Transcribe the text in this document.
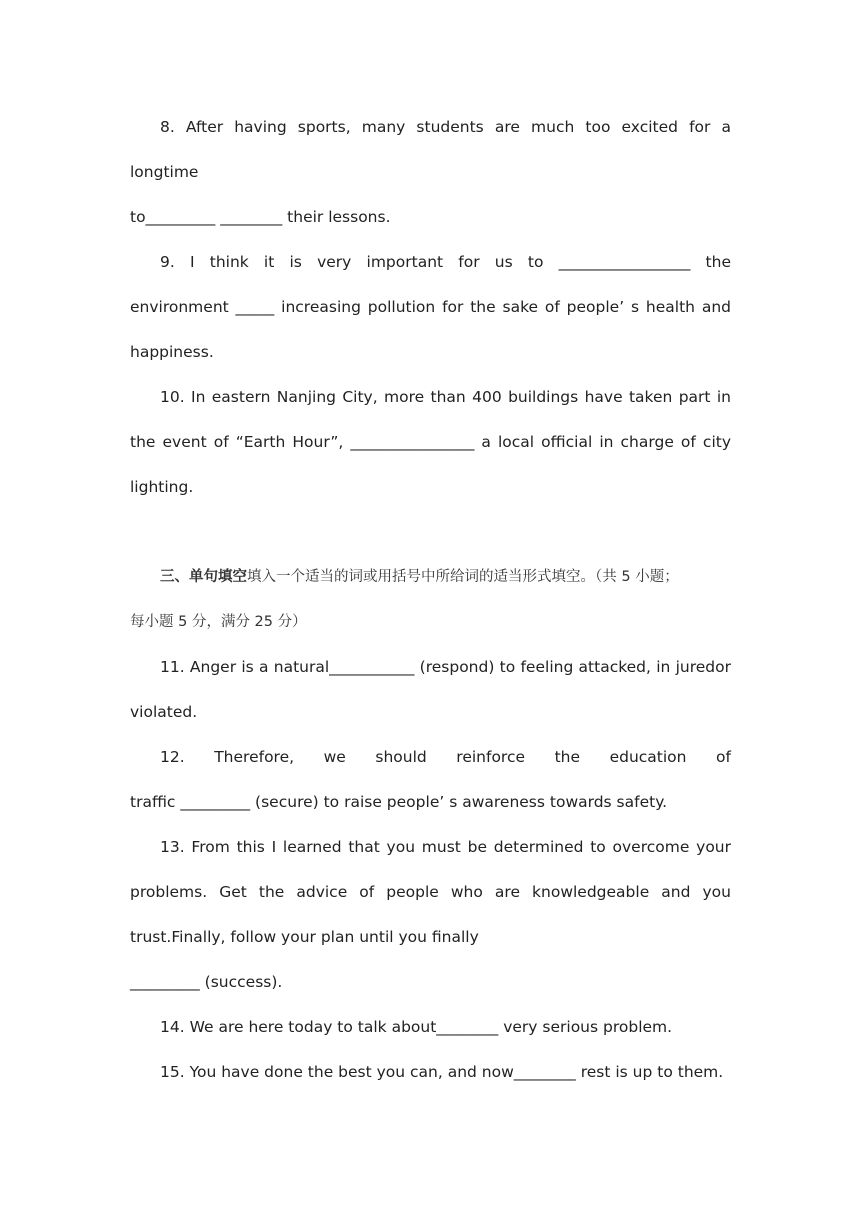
8. After having sports, many students are much too excited for a longtime

to_________ ________ their lessons.

9. I think it is very important for us to _________________ the

environment _____ increasing pollution for the sake of people’ s health and

happiness.

10. In eastern Nanjing City, more than 400 buildings have taken part in

the event of “Earth Hour”, ________________ a local official in charge of city

lighting.

三、单句填空填入一个适当的词或用括号中所给词的适当形式填空。（共 5 小题；

每小题 5 分，满分 25 分）

11. Anger is a natural___________ (respond) to feeling attacked, in juredor

violated.

12. Therefore, we should reinforce the education of

traffic _________ (secure) to raise people’ s awareness towards safety.

13. From this I learned that you must be determined to overcome your

problems. Get the advice of people who are knowledgeable and you

trust.Finally, follow your plan until you finally

_________ (success).

14. We are here today to talk about________ very serious problem.

15. You have done the best you can, and now________ rest is up to them.
